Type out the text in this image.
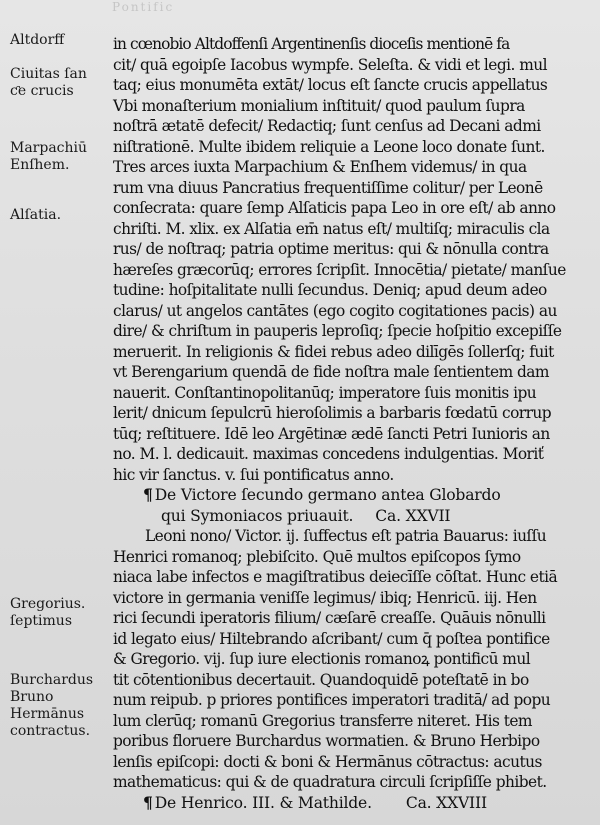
Pontific
Altdorff
Ciuitas ſan
ƈe crucis
Marpachiū
Enſhem.
Alſatia.
Gregorius.
ſeptimus
Burchardus
Bruno
Hermānus
contractus.
in cœnobio Altdoffenſi Argentinenſis dioceſis mentionē fa
cit/ quā egoipſe Iacobus wympfe. Seleſta. & vidi et legi. mul
taq; eius monumēta extāt/ locus eſt ſancte crucis appellatus
Vbi monaſterium monialium inſtituit/ quod paulum ſupra
noſtrā ætatē defecit/ Redactiq; ſunt cenſus ad Decani admi
niſtrationē. Multe ibidem reliquie a Leone loco donate ſunt.
Tres arces iuxta Marpachium & Enſhem videmus/ in qua
rum vna diuus Pancratius frequentiſſime colitur/ per Leonē
conſecrata: quare ſemp Alſaticis papa Leo in ore eſt/ ab anno
chriſti. M. xlix. ex Alſatia em̄ natus eſt/ multiſq; miraculis cla
rus/ de noſtraq; patria optime meritus: qui & nōnulla contra
hæreſes græcorūq; errores ſcripſit. Innocētia/ pietate/ manſue
tudine: hoſpitalitate nulli ſecundus. Deniq; apud deum adeo
clarus/ ut angelos cantātes (ego cogito cogitationes pacis) au
dire/ & chriſtum in pauperis leproſiq; ſpecie hoſpitio excepiſſe
meruerit. In religionis & fidei rebus adeo dilīgēs ſollerſq; fuit
vt Berengarium quendā de fide noſtra male ſentientem dam
nauerit. Conſtantinopolitanūq; imperatore ſuis monitis ipu
lerit/ dnicum ſepulcrū hieroſolimis a barbaris fœdatū corrup
tūq; reſtituere. Idē leo Argētinæ ædē ſancti Petri Iunioris an
no. M. l. dedicauit. maximas concedens indulgentias. Moriť
hic vir ſanctus. v. ſui pontificatus anno.
¶ De Victore ſecundo germano antea Globardo
qui Symoniacos priuauit. Ca. XXVII
Leoni nono/ Victor. ij. ſuffectus eſt patria Bauarus: iuſſu
Henrici romanoq; plebiſcito. Quē multos epiſcopos ſymo
niaca labe infectos e magiſtratibus deiecīſſe cōſtat. Hunc etiā
victore in germania veniſſe legimus/ ibiq; Henricū. iij. Hen
rici ſecundi iperatoris filium/ cæſarē creaſſe. Quāuis nōnulli
id legato eius/ Hiltebrando aſcribant/ cum q̄ poſtea pontifice
& Gregorio. vij. ſup iure electionis romanoꝝ pontificū mul
tit cōtentionibus decertauit. Quandoquidē poteſtatē in bo
num reipub. p priores pontifices imperatori traditā/ ad popu
lum clerūq; romanū Gregorius transferre niteret. His tem
poribus floruere Burchardus wormatien. & Bruno Herbipo
lenſis epiſcopi: docti & boni & Hermānus cōtractus: acutus
mathematicus: qui & de quadratura circuli ſcripſiſſe phibet.
¶ De Henrico. III. & Mathilde. Ca. XXVIII
